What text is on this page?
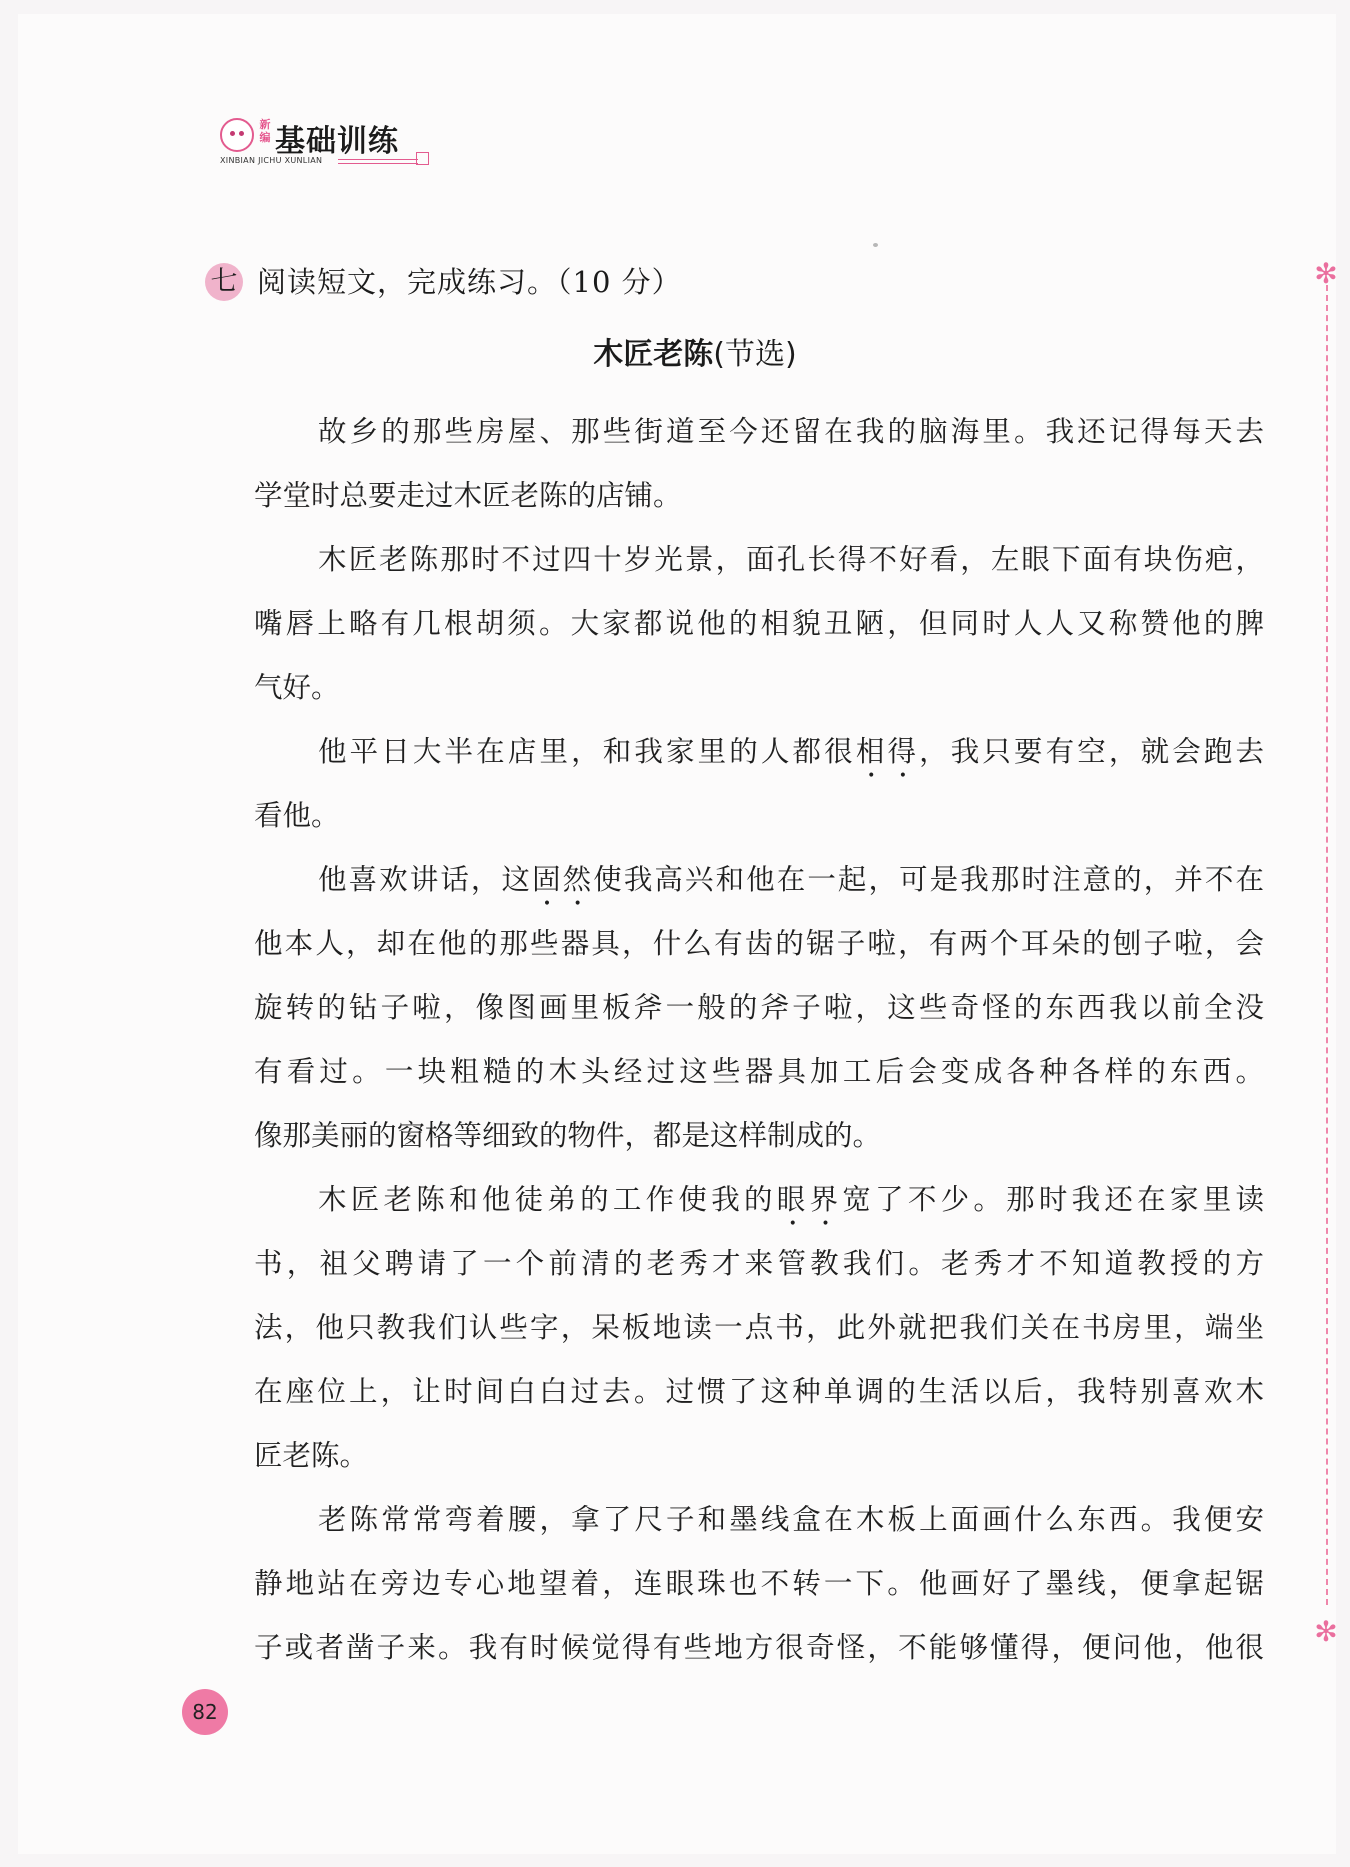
新编 基础训练
XINBIAN JICHU XUNLIAN
✻
✻
七 阅读短文，完成练习。（10 分）
木匠老陈(节选)
故乡的那些房屋、那些街道至今还留在我的脑海里。我还记得每天去
学堂时总要走过木匠老陈的店铺。
木匠老陈那时不过四十岁光景，面孔长得不好看，左眼下面有块伤疤，
嘴唇上略有几根胡须。大家都说他的相貌丑陋，但同时人人又称赞他的脾
气好。
他平日大半在店里，和我家里的人都很相得，我只要有空，就会跑去
看他。
他喜欢讲话，这固然使我高兴和他在一起，可是我那时注意的，并不在
他本人，却在他的那些器具，什么有齿的锯子啦，有两个耳朵的刨子啦，会
旋转的钻子啦，像图画里板斧一般的斧子啦，这些奇怪的东西我以前全没
有看过。一块粗糙的木头经过这些器具加工后会变成各种各样的东西。
像那美丽的窗格等细致的物件，都是这样制成的。
木匠老陈和他徒弟的工作使我的眼界宽了不少。那时我还在家里读
书，祖父聘请了一个前清的老秀才来管教我们。老秀才不知道教授的方
法，他只教我们认些字，呆板地读一点书，此外就把我们关在书房里，端坐
在座位上，让时间白白过去。过惯了这种单调的生活以后，我特别喜欢木
匠老陈。
老陈常常弯着腰，拿了尺子和墨线盒在木板上面画什么东西。我便安
静地站在旁边专心地望着，连眼珠也不转一下。他画好了墨线，便拿起锯
子或者凿子来。我有时候觉得有些地方很奇怪，不能够懂得，便问他，他很
82
